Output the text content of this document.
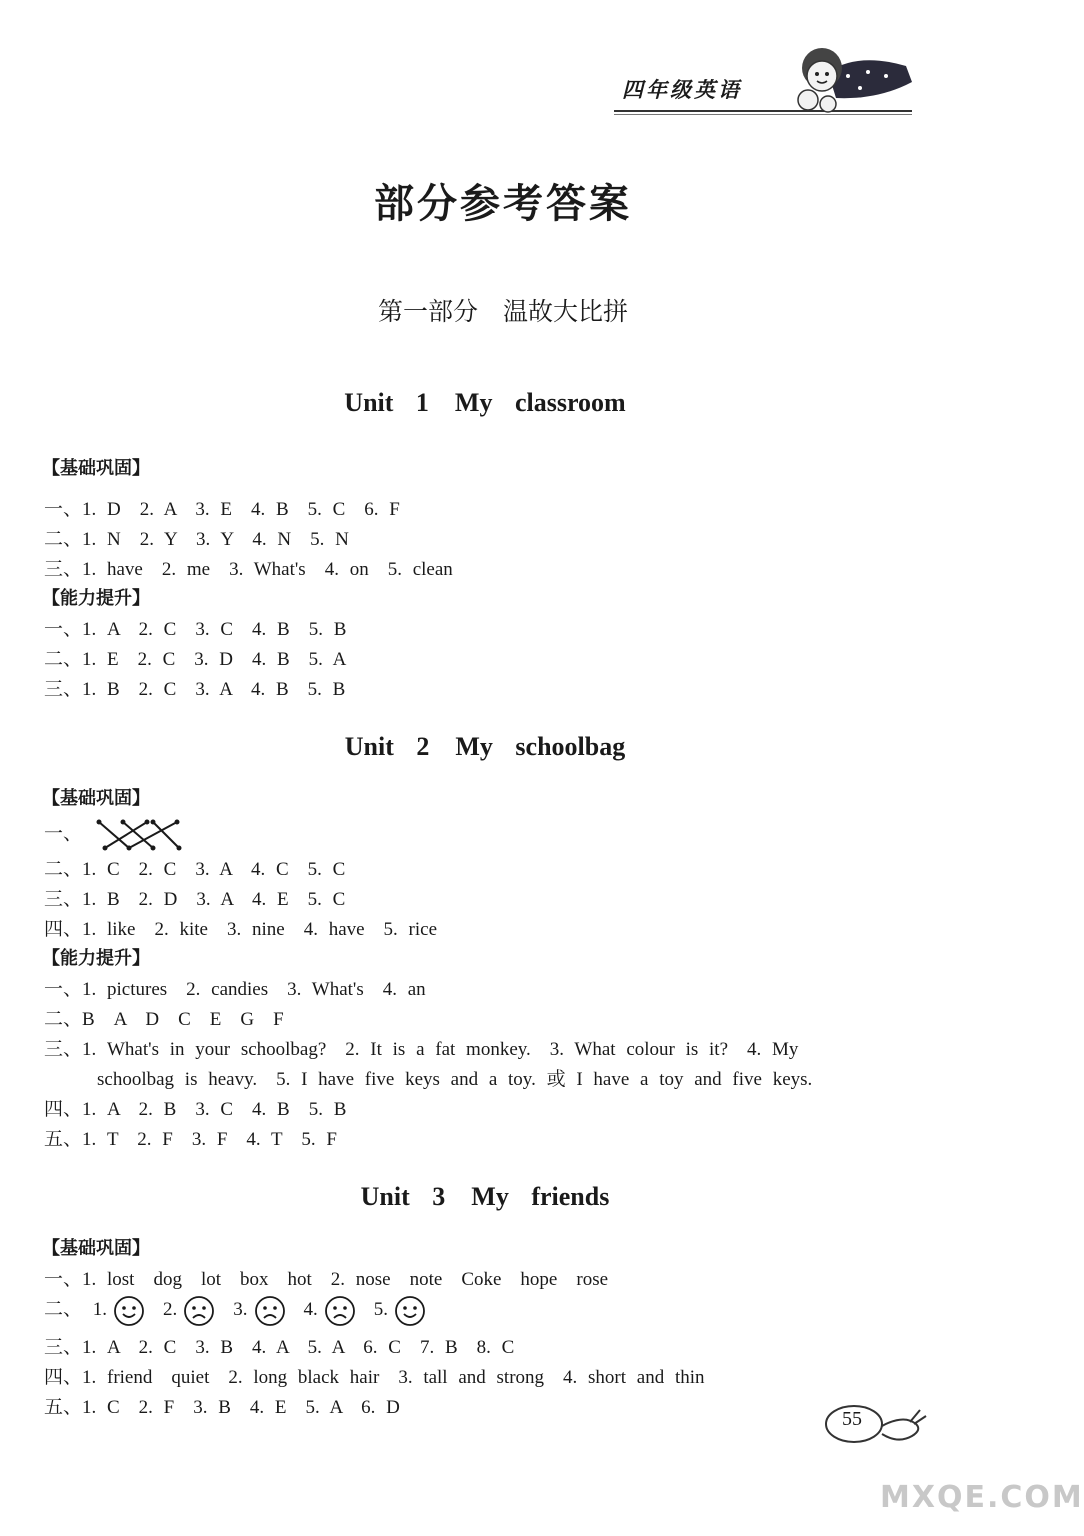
四年级英语
部分参考答案
第一部分　温故大比拼
Unit 1　My classroom
【基础巩固】
一、1. D　2. A　3. E　4. B　5. C　6. F
二、1. N　2. Y　3. Y　4. N　5. N
三、1. have　2. me　3. What's　4. on　5. clean
【能力提升】
一、1. A　2. C　3. C　4. B　5. B
二、1. E　2. C　3. D　4. B　5. A
三、1. B　2. C　3. A　4. B　5. B
Unit 2　My schoolbag
【基础巩固】
一、
二、1. C　2. C　3. A　4. C　5. C
三、1. B　2. D　3. A　4. E　5. C
四、1. like　2. kite　3. nine　4. have　5. rice
【能力提升】
一、1. pictures　2. candies　3. What's　4. an
二、B　A　D　C　E　G　F
三、1. What's in your schoolbag?　2. It is a fat monkey.　3. What colour is it?　4. My
schoolbag is heavy.　5. I have five keys and a toy. 或 I have a toy and five keys.
四、1. A　2. B　3. C　4. B　5. B
五、1. T　2. F　3. F　4. T　5. F
Unit 3　My friends
【基础巩固】
一、1. lost　dog　lot　box　hot　2. nose　note　Coke　hope　rose
二、 1.	2.	3.	4.	5.
三、1. A　2. C　3. B　4. A　5. A　6. C　7. B　8. C
四、1. friend　quiet　2. long black hair　3. tall and strong　4. short and thin
五、1. C　2. F　3. B　4. E　5. A　6. D
55
MXQE.COM
